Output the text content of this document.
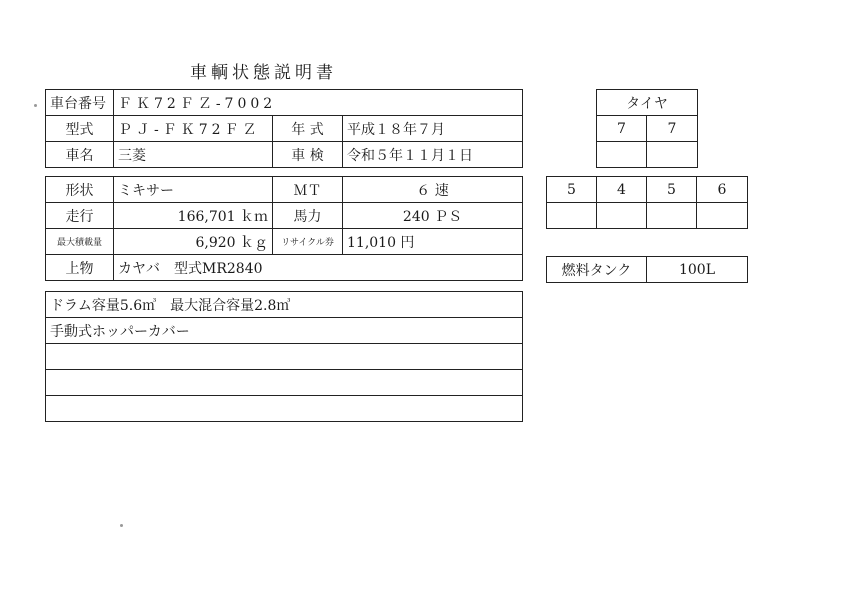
車輌状態説明書
車台番号	ＦＫ72ＦＺ-7002		
型式	ＰＪ-ＦＫ72ＦＺ	年 式	平成１８年７月
車名	三菱	車 検	令和５年１１月１日
形状	ミキサー	ＭＴ	６ 速
走行	166,701 ｋｍ	馬力	240 ＰＳ
最大積載量	6,920 ｋｇ	リサイクル券	11,010 円
上物	カヤバ　型式MR2840		
ドラム容量5.6㎥　最大混合容量2.8㎥
手動式ホッパーカバー

タイヤ	
7	7

5	4	5	6

燃料タンク	100L
